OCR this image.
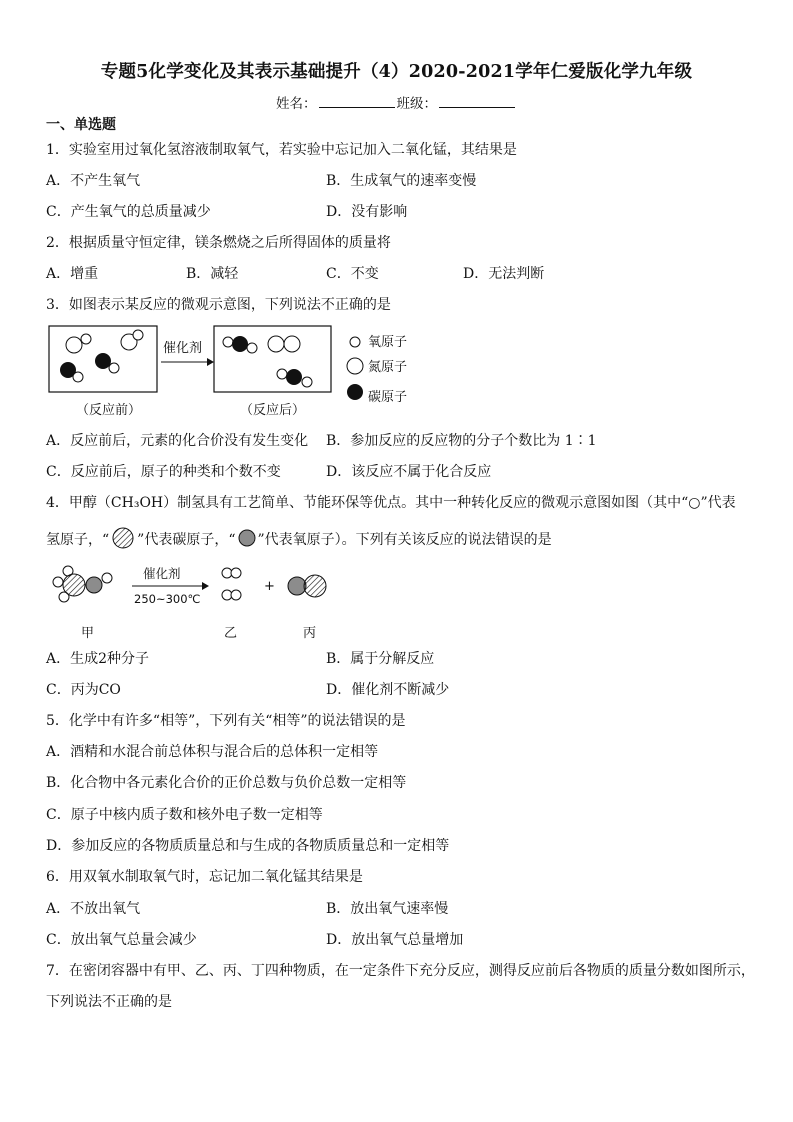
专题5化学变化及其表示基础提升（4）2020-2021学年仁爱版化学九年级
姓名：	班级：
一、单选题
1．实验室用过氧化氢溶液制取氧气，若实验中忘记加入二氧化锰，其结果是
A．不产生氧气	B．生成氧气的速率变慢
C．产生氧气的总质量减少	D．没有影响
2．根据质量守恒定律，镁条燃烧之后所得固体的质量将
A．增重	B．减轻	C．不变	D．无法判断
3．如图表示某反应的微观示意图，下列说法不正确的是
催化剂
（反应前）	（反应后）
氧原子
氮原子
碳原子
A．反应前后，元素的化合价没有发生变化 B．参加反应的反应物的分子个数比为 1∶1
C．反应前后，原子的种类和个数不变	D．该反应不属于化合反应
4．甲醇（CH₃OH）制氢具有工艺简单、节能环保等优点。其中一种转化反应的微观示意图如图（其中“○”代表
氢原子，“ ”代表碳原子，“ ”代表氧原子）。下列有关该反应的说法错误的是
催化剂
250~300℃
+
甲	乙	丙
A．生成2种分子	B．属于分解反应
C．丙为CO	D．催化剂不断减少
5．化学中有许多“相等”，下列有关“相等”的说法错误的是
A．酒精和水混合前总体积与混合后的总体积一定相等
B．化合物中各元素化合价的正价总数与负价总数一定相等
C．原子中核内质子数和核外电子数一定相等
D．参加反应的各物质质量总和与生成的各物质质量总和一定相等
6．用双氧水制取氧气时，忘记加二氧化锰其结果是
A．不放出氧气	B．放出氧气速率慢
C．放出氧气总量会减少	D．放出氧气总量增加
7．在密闭容器中有甲、乙、丙、丁四种物质，在一定条件下充分反应，测得反应前后各物质的质量分数如图所示，
下列说法不正确的是
